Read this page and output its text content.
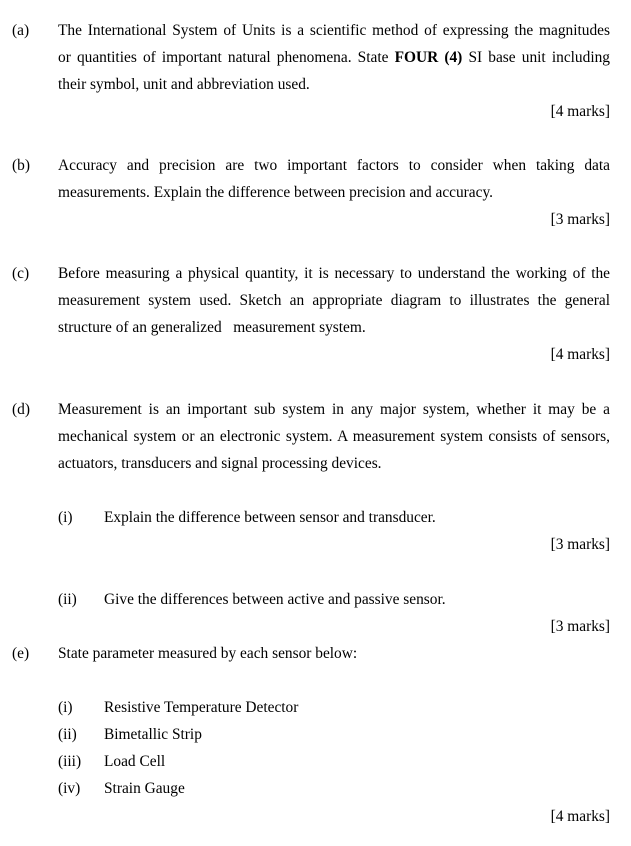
(a) The International System of Units is a scientific method of expressing the magnitudes
or quantities of important natural phenomena. State FOUR (4) SI base unit including
their symbol, unit and abbreviation used.
[4 marks]
(b) Accuracy and precision are two important factors to consider when taking data
measurements. Explain the difference between precision and accuracy.
[3 marks]
(c) Before measuring a physical quantity, it is necessary to understand the working of the
measurement system used. Sketch an appropriate diagram to illustrates the general
structure of an generalized   measurement system.
[4 marks]
(d) Measurement is an important sub system in any major system, whether it may be a
mechanical system or an electronic system. A measurement system consists of sensors,
actuators, transducers and signal processing devices.
(i) Explain the difference between sensor and transducer.
[3 marks]
(ii) Give the differences between active and passive sensor.
[3 marks]
(e) State parameter measured by each sensor below:
(i) Resistive Temperature Detector
(ii) Bimetallic Strip
(iii) Load Cell
(iv) Strain Gauge
[4 marks]
